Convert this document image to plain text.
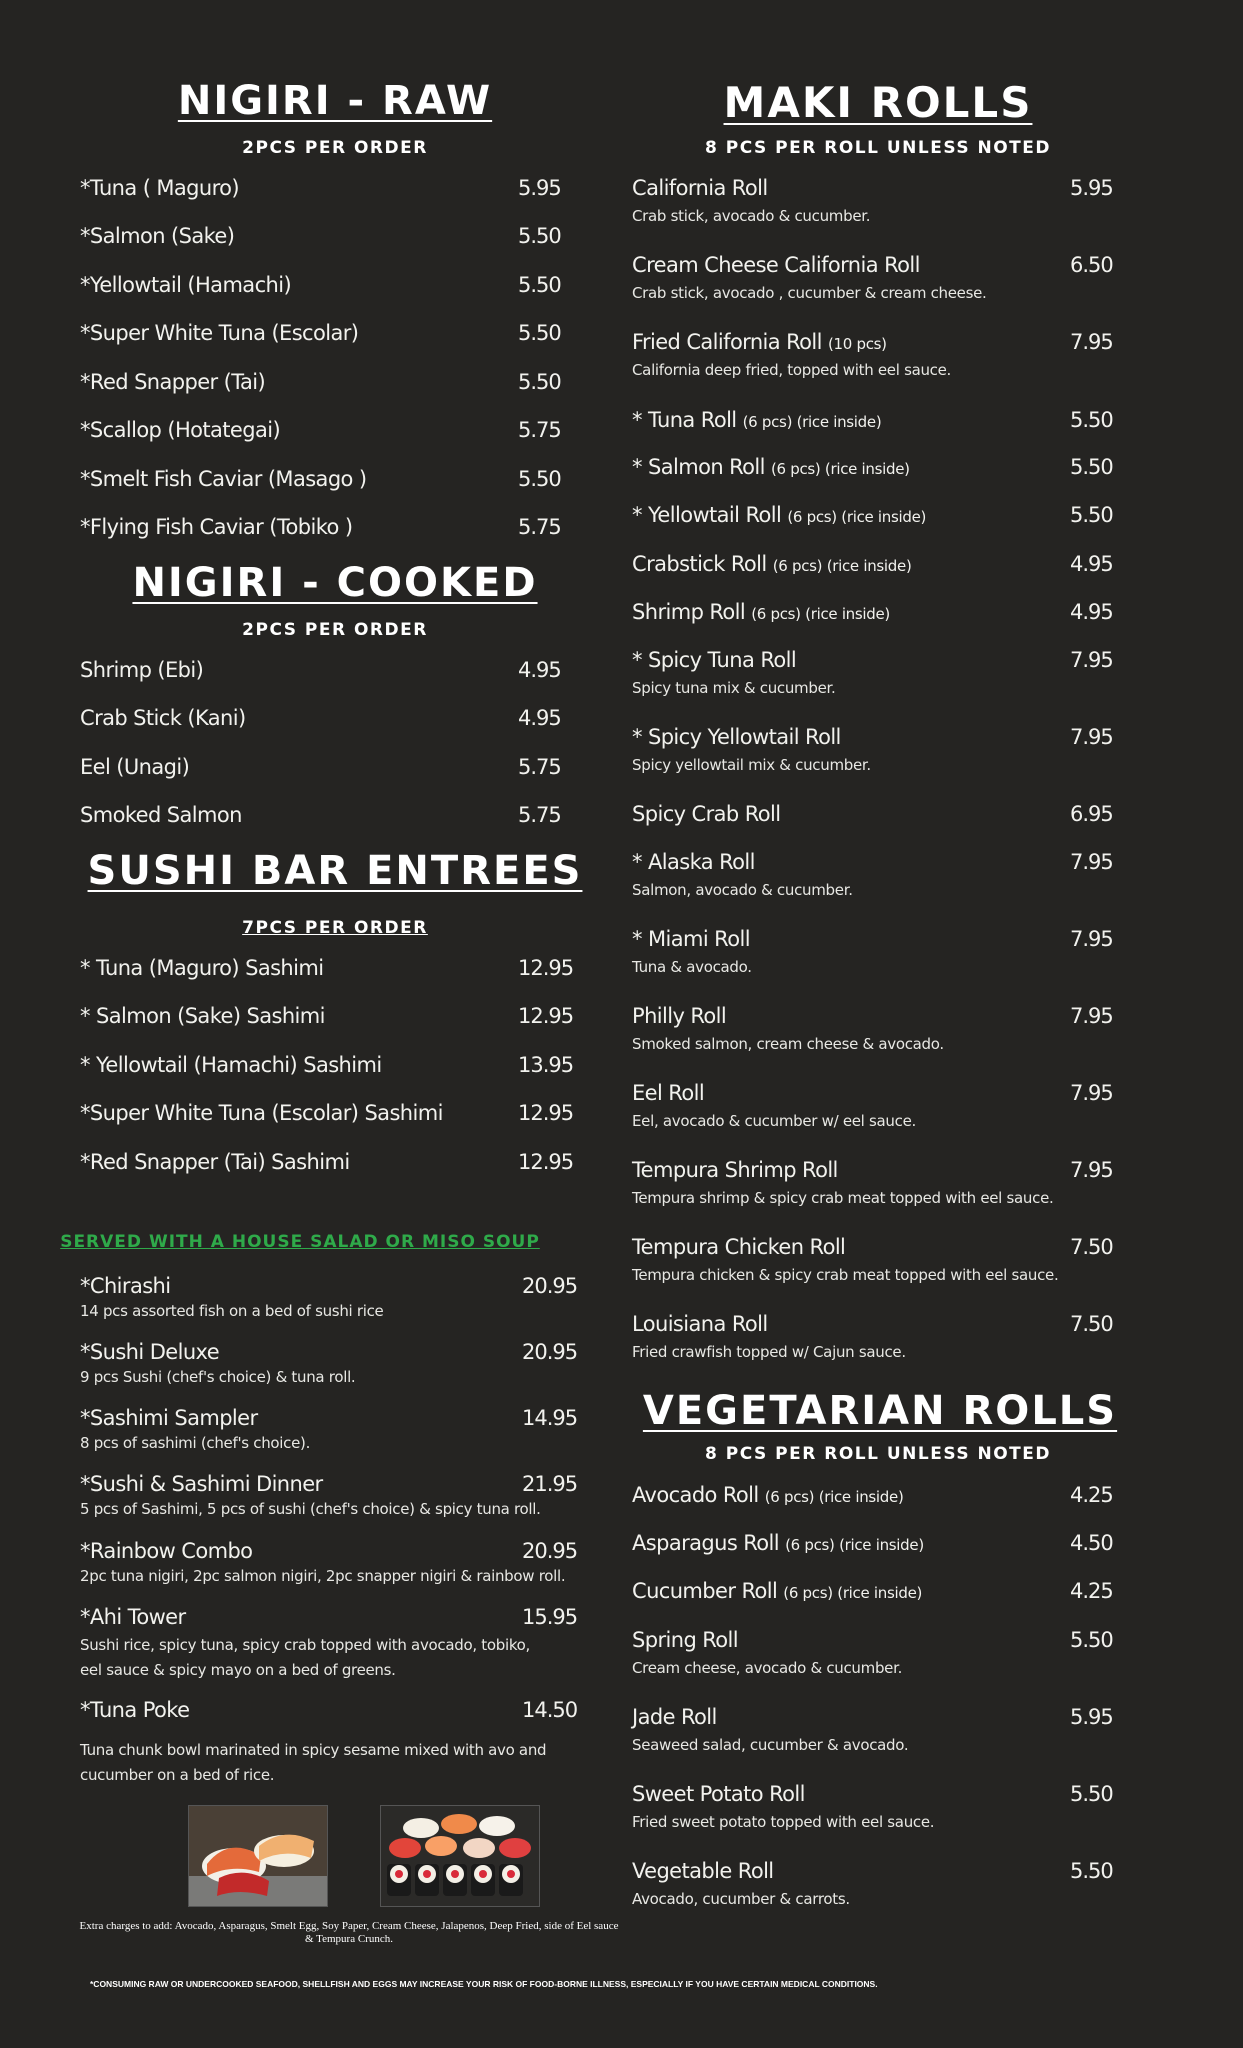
NIGIRI - RAW
2PCS PER ORDER
*Tuna ( Maguro)	5.95
*Salmon (Sake)	5.50
*Yellowtail (Hamachi)	5.50
*Super White Tuna (Escolar)	5.50
*Red Snapper (Tai)	5.50
*Scallop (Hotategai)	5.75
*Smelt Fish Caviar (Masago )	5.50
*Flying Fish Caviar (Tobiko )	5.75
NIGIRI - COOKED
2PCS PER ORDER
Shrimp (Ebi)	4.95
Crab Stick (Kani)	4.95
Eel (Unagi)	5.75
Smoked Salmon	5.75
SUSHI BAR ENTREES
7PCS PER ORDER
* Tuna (Maguro) Sashimi	12.95
* Salmon (Sake) Sashimi	12.95
* Yellowtail (Hamachi) Sashimi	13.95
*Super White Tuna (Escolar) Sashimi	12.95
*Red Snapper (Tai) Sashimi	12.95
*Chirashi	20.95
14 pcs assorted fish on a bed of sushi rice
*Sushi Deluxe	20.95
9 pcs Sushi (chef's choice) & tuna roll.
*Sashimi Sampler	14.95
8 pcs of sashimi (chef's choice).
*Sushi & Sashimi Dinner	21.95
5 pcs of Sashimi, 5 pcs of sushi (chef's choice) & spicy tuna roll.
*Rainbow Combo	20.95
2pc tuna nigiri, 2pc salmon nigiri, 2pc snapper nigiri & rainbow roll.
*Ahi Tower	15.95
Sushi rice, spicy tuna, spicy crab topped with avocado, tobiko, eel sauce & spicy mayo on a bed of greens.
*Tuna Poke	14.50
Tuna chunk bowl marinated in spicy sesame mixed with avo and cucumber on a bed of rice.
SERVED WITH A HOUSE SALAD OR MISO SOUP
Extra charges to add: Avocado, Asparagus, Smelt Egg, Soy Paper, Cream Cheese, Jalapenos, Deep Fried, side of Eel sauce & Tempura Crunch.
MAKI ROLLS
8 PCS PER ROLL UNLESS NOTED
California Roll	5.95
Crab stick, avocado & cucumber.
Cream Cheese California Roll	6.50
Crab stick, avocado , cucumber & cream cheese.
Fried California Roll (10 pcs)	7.95
California deep fried, topped with eel sauce.
* Tuna Roll (6 pcs) (rice inside)	5.50
* Salmon Roll (6 pcs) (rice inside)	5.50
* Yellowtail Roll (6 pcs) (rice inside)	5.50
Crabstick Roll (6 pcs) (rice inside)	4.95
Shrimp Roll (6 pcs) (rice inside)	4.95
* Spicy Tuna Roll	7.95
Spicy tuna mix & cucumber.
* Spicy Yellowtail Roll	7.95
Spicy yellowtail mix & cucumber.
Spicy Crab Roll	6.95
* Alaska Roll	7.95
Salmon, avocado & cucumber.
* Miami Roll	7.95
Tuna & avocado.
Philly Roll	7.95
Smoked salmon, cream cheese & avocado.
Eel Roll	7.95
Eel, avocado & cucumber w/ eel sauce.
Tempura Shrimp Roll	7.95
Tempura shrimp & spicy crab meat topped with eel sauce.
Tempura Chicken Roll	7.50
Tempura chicken & spicy crab meat topped with eel sauce.
Louisiana Roll	7.50
Fried crawfish topped w/ Cajun sauce.
VEGETARIAN ROLLS
8 PCS PER ROLL UNLESS NOTED
Avocado Roll (6 pcs) (rice inside)	4.25
Asparagus Roll (6 pcs) (rice inside)	4.50
Cucumber Roll (6 pcs) (rice inside)	4.25
Spring Roll	5.50
Cream cheese, avocado & cucumber.
Jade Roll	5.95
Seaweed salad, cucumber & avocado.
Sweet Potato Roll	5.50
Fried sweet potato topped with eel sauce.
Vegetable Roll	5.50
Avocado, cucumber & carrots.
*CONSUMING RAW OR UNDERCOOKED SEAFOOD, SHELLFISH AND EGGS MAY INCREASE YOUR RISK OF FOOD-BORNE ILLNESS, ESPECIALLY IF YOU HAVE CERTAIN MEDICAL CONDITIONS.
